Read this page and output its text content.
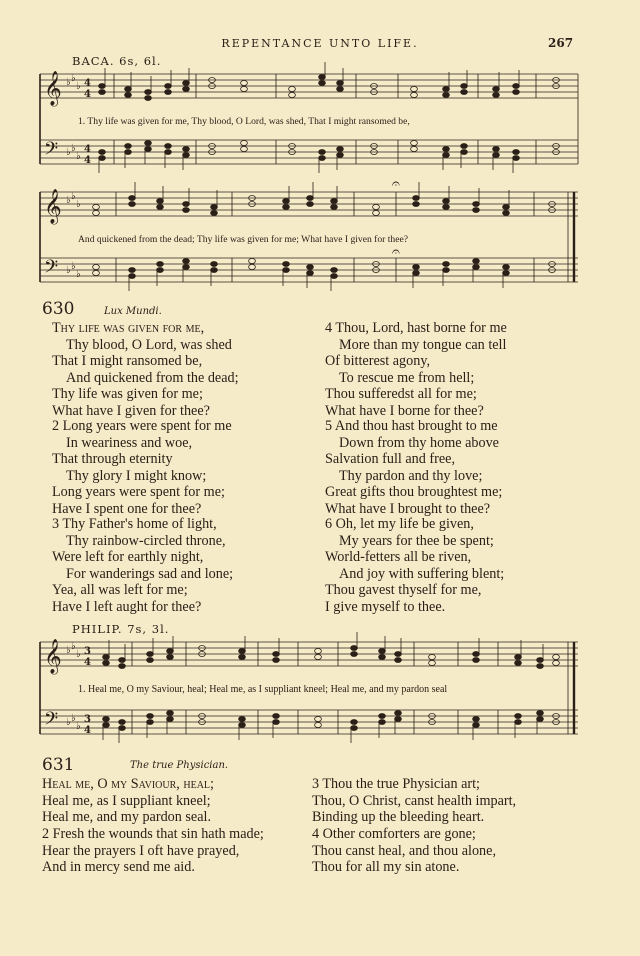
REPENTANCE UNTO LIFE.	267
BACA. 6s, 6l.
𝄞
𝄢
♭ ♭
♭
♭ ♭
♭
4
4
4
4
1. Thy life was given for me, Thy blood, O Lord, was shed, That I might ransomed be,
𝄞
𝄢
♭ ♭
♭
♭ ♭
♭
𝄐
𝄐
And quickened from the dead; Thy life was given for me; What have I given for thee?
630	Lux Mundi.
Thy life was given for me,
Thy blood, O Lord, was shed
That I might ransomed be,
And quickened from the dead;
Thy life was given for me;
What have I given for thee?
2 Long years were spent for me
In weariness and woe,
That through eternity
Thy glory I might know;
Long years were spent for me;
Have I spent one for thee?
3 Thy Father's home of light,
Thy rainbow-circled throne,
Were left for earthly night,
For wanderings sad and lone;
Yea, all was left for me;
Have I left aught for thee?
4 Thou, Lord, hast borne for me
More than my tongue can tell
Of bitterest agony,
To rescue me from hell;
Thou sufferedst all for me;
What have I borne for thee?
5 And thou hast brought to me
Down from thy home above
Salvation full and free,
Thy pardon and thy love;
Great gifts thou broughtest me;
What have I brought to thee?
6 Oh, let my life be given,
My years for thee be spent;
World-fetters all be riven,
And joy with suffering blent;
Thou gavest thyself for me,
I give myself to thee.
PHILIP. 7s, 3l.
𝄞
𝄢
♭ ♭
♭
♭ ♭
♭
3
4
3
4
1. Heal me, O my Saviour, heal; Heal me, as I suppliant kneel; Heal me, and my pardon seal
631	The true Physician.
Heal me, O my Saviour, heal;
Heal me, as I suppliant kneel;
Heal me, and my pardon seal.
2 Fresh the wounds that sin hath made;
Hear the prayers I oft have prayed,
And in mercy send me aid.
3 Thou the true Physician art;
Thou, O Christ, canst health impart,
Binding up the bleeding heart.
4 Other comforters are gone;
Thou canst heal, and thou alone,
Thou for all my sin atone.
